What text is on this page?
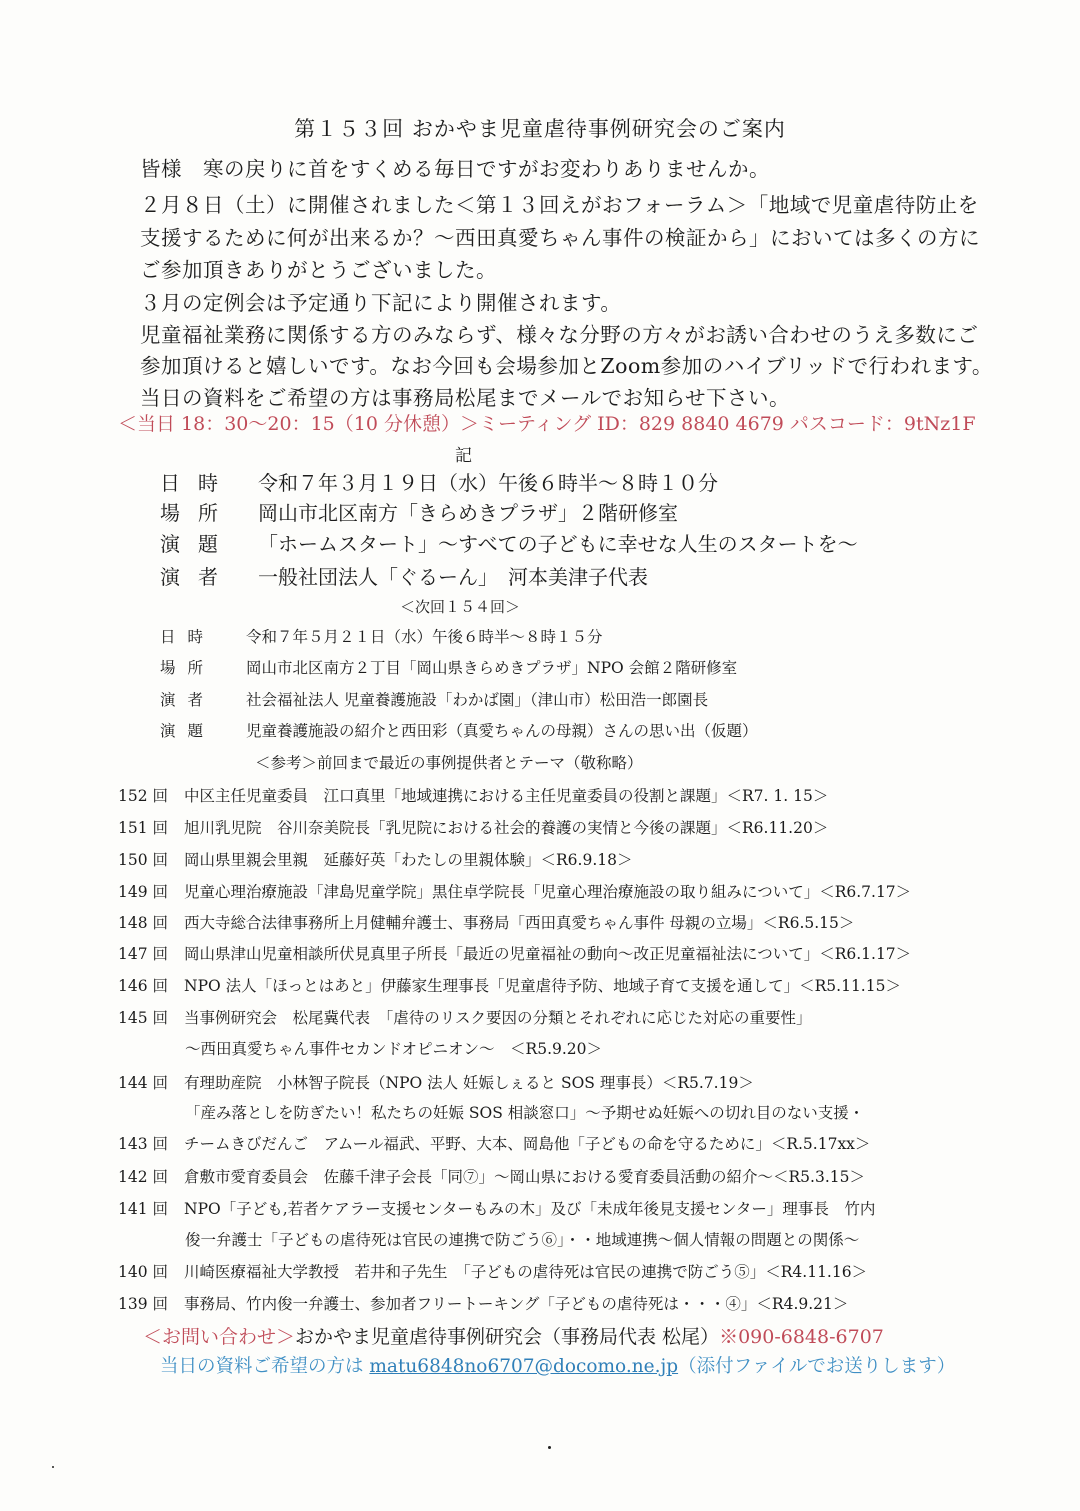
第１５３回 おかやま児童虐待事例研究会のご案内
皆様　寒の戻りに首をすくめる毎日ですがお変わりありませんか。
２月８日（土）に開催されました＜第１３回えがおフォーラム＞「地域で児童虐待防止を
支援するために何が出来るか？～西田真愛ちゃん事件の検証から」においては多くの方に
ご参加頂きありがとうございました。
３月の定例会は予定通り下記により開催されます。
児童福祉業務に関係する方のみならず、様々な分野の方々がお誘い合わせのうえ多数にご
参加頂けると嬉しいです。なお今回も会場参加とZoom参加のハイブリッドで行われます。
当日の資料をご希望の方は事務局松尾までメールでお知らせ下さい。
＜当日 18：30～20：15（10 分休憩）＞ミーティング ID：829 8840 4679 パスコード：9tNz1F
記
日時 令和７年３月１９日（水）午後６時半～８時１０分
場所 岡山市北区南方「きらめきプラザ」２階研修室
演題 「ホームスタート」～すべての子どもに幸せな人生のスタートを～
演者 一般社団法人「ぐるーん」　河本美津子代表
＜次回１５４回＞
日時 令和７年５月２１日（水）午後６時半～８時１５分
場所 岡山市北区南方２丁目「岡山県きらめきプラザ」NPO 会館２階研修室
演者 社会福祉法人 児童養護施設「わかば園」（津山市）松田浩一郎園長
演題 児童養護施設の紹介と西田彩（真愛ちゃんの母親）さんの思い出（仮題）
＜参考＞前回まで最近の事例提供者とテーマ（敬称略）
152 回 中区主任児童委員　江口真里「地域連携における主任児童委員の役割と課題」＜R7. 1. 15＞
151 回 旭川乳児院　谷川奈美院長「乳児院における社会的養護の実情と今後の課題」＜R6.11.20＞
150 回 岡山県里親会里親　延藤好英「わたしの里親体験」＜R6.9.18＞
149 回 児童心理治療施設「津島児童学院」黒住卓学院長「児童心理治療施設の取り組みについて」＜R6.7.17＞
148 回 西大寺総合法律事務所上月健輔弁護士、事務局「西田真愛ちゃん事件 母親の立場」＜R6.5.15＞
147 回 岡山県津山児童相談所伏見真里子所長「最近の児童福祉の動向～改正児童福祉法について」＜R6.1.17＞
146 回 NPO 法人「ほっとはあと」伊藤家生理事長「児童虐待予防、地域子育て支援を通して」＜R5.11.15＞
145 回 当事例研究会　松尾冀代表　「虐待のリスク要因の分類とそれぞれに応じた対応の重要性」
～西田真愛ちゃん事件セカンドオピニオン～　＜R5.9.20＞
144 回 有理助産院　小林智子院長（NPO 法人 妊娠しぇると SOS 理事長）＜R5.7.19＞
「産み落としを防ぎたい！私たちの妊娠 SOS 相談窓口」～予期せぬ妊娠への切れ目のない支援・
143 回 チームきびだんご　アムール福武、平野、大本、岡島他「子どもの命を守るために」＜R.5.17xx＞
142 回 倉敷市愛育委員会　佐藤千津子会長「同⑦」～岡山県における愛育委員活動の紹介～＜R5.3.15＞
141 回 NPO「子ども,若者ケアラー支援センターもみの木」及び「未成年後見支援センター」理事長　竹内
俊一弁護士「子どもの虐待死は官民の連携で防ごう⑥」・・地域連携～個人情報の問題との関係～
140 回 川崎医療福祉大学教授　若井和子先生　「子どもの虐待死は官民の連携で防ごう⑤」＜R4.11.16＞
139 回 事務局、竹内俊一弁護士、参加者フリートーキング「子どもの虐待死は・・・④」＜R4.9.21＞
＜お問い合わせ＞おかやま児童虐待事例研究会（事務局代表 松尾）※090-6848-6707
当日の資料ご希望の方は matu6848no6707@docomo.ne.jp（添付ファイルでお送りします）
